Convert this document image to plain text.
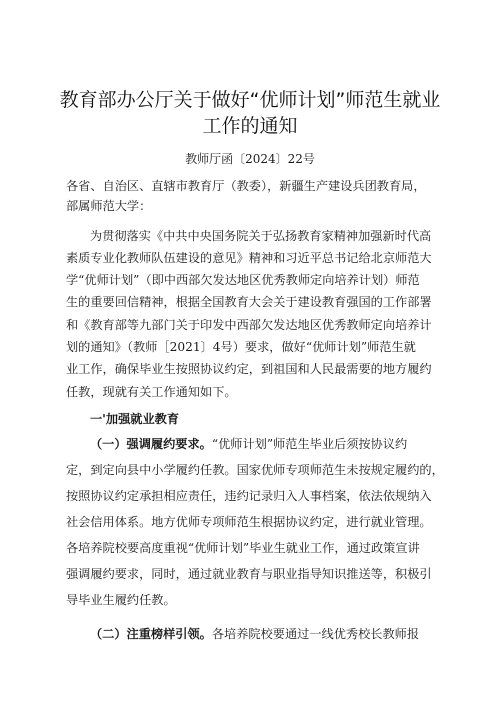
教育部办公厅关于做好“优师计划”师范生就业
工作的通知
教师厅函〔2024〕22号
各省、自治区、直辖市教育厅（教委），新疆生产建设兵团教育局，
部属师范大学：
为贯彻落实《中共中央国务院关于弘扬教育家精神加强新时代高
素质专业化教师队伍建设的意见》精神和习近平总书记给北京师范大
学“优师计划”（即中西部欠发达地区优秀教师定向培养计划）师范
生的重要回信精神，根据全国教育大会关于建设教育强国的工作部署
和《教育部等九部门关于印发中西部欠发达地区优秀教师定向培养计
划的通知》（教师［2021〕4号）要求，做好“优师计划”师范生就
业工作，确保毕业生按照协议约定，到祖国和人民最需要的地方履约
任教，现就有关工作通知如下。
一'加强就业教育
（一）强调履约要求。“优师计划”师范生毕业后须按协议约
定，到定向县中小学履约任教。国家优师专项师范生未按规定履约的，
按照协议约定承担相应责任，违约记录归入人事档案，依法依规纳入
社会信用体系。地方优师专项师范生根据协议约定，进行就业管理。
各培养院校要高度重视“优师计划”毕业生就业工作，通过政策宣讲
强调履约要求，同时，通过就业教育与职业指导知识推送等，积极引
导毕业生履约任教。
（二）注重榜样引领。各培养院校要通过一线优秀校长教师报
